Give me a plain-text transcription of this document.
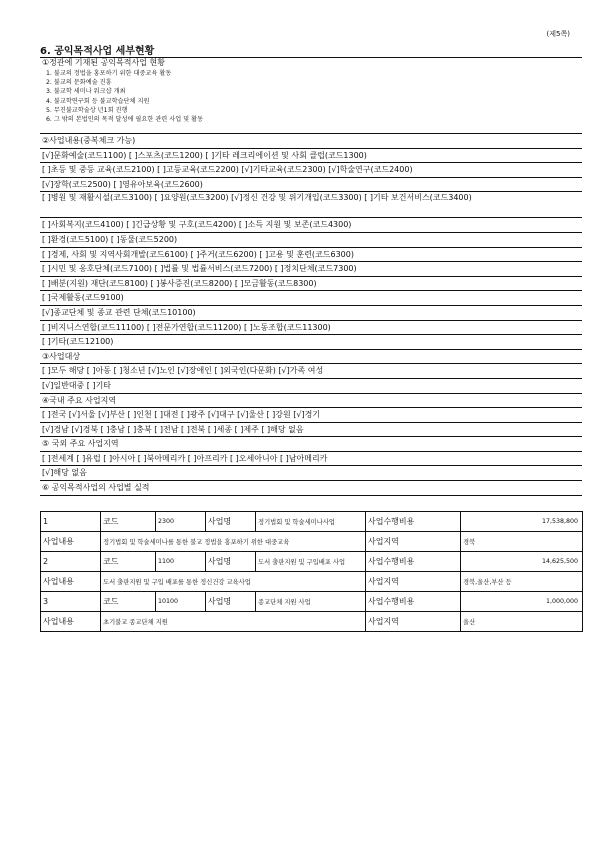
(제5쪽)
6. 공익목적사업 세부현황
①정관에 기재된 공익목적사업 현황
1. 불교의 정법을 홍포하기 위한 대중교육 활동
2. 불교의 문화예술 진흥
3. 불교학 세미나 워크샵 개최
4. 불교학연구회 등 불교학습단체 지원
5. 무진불교학술상 년1회 진행
6. 그 밖의 본법인의 목적 달성에 필요한 관련 사업 및 활동
②사업내용(중복체크 가능)
[√]문화예술(코드1100) [ ]스포츠(코드1200) [ ]기타 레크리에이션 및 사회 클럽(코드1300)
[ ]초등 및 중등 교육(코드2100) [ ]고등교육(코드2200) [√]기타교육(코드2300) [√]학술연구(코드2400)
[√]장학(코드2500) [ ]영유아보육(코드2600)
[ ]병원 및 재활시설(코드3100) [ ]요양원(코드3200) [√]정신 건강 및 위기개입(코드3300) [ ]기타 보건서비스(코드3400)
[ ]사회복지(코드4100) [ ]긴급상황 및 구호(코드4200) [ ]소득 지원 및 보존(코드4300)
[ ]환경(코드5100) [ ]동물(코드5200)
[ ]경제, 사회 및 지역사회개발(코드6100) [ ]주거(코드6200) [ ]고용 및 훈련(코드6300)
[ ]시민 및 옹호단체(코드7100) [ ]법률 및 법률서비스(코드7200) [ ]정치단체(코드7300)
[ ]배분(지원) 재단(코드8100) [ ]봉사증진(코드8200) [ ]모금활동(코드8300)
[ ]국제활동(코드9100)
[√]종교단체 및 종교 관련 단체(코드10100)
[ ]비지니스연합(코드11100) [ ]전문가연합(코드11200) [ ]노동조합(코드11300)
[ ]기타(코드12100)
③사업대상
[ ]모두 해당 [ ]아동 [ ]청소년 [√]노인 [√]장애인 [ ]외국인(다문화) [√]가족 여성
[√]일반대중 [ ]기타
④국내 주요 사업지역
[ ]전국 [√]서울 [√]부산 [ ]인천 [ ]대전 [ ]광주 [√]대구 [√]울산 [ ]강원 [√]경기
[√]경남 [√]경북 [ ]충남 [ ]충북 [ ]전남 [ ]전북 [ ]세종 [ ]제주 [ ]해당 없음
⑤ 국외 주요 사업지역
[ ]전세계 [ ]유럽 [ ]아시아 [ ]북아메리카 [ ]아프리카 [ ]오세아니아 [ ]남아메리카
[√]해당 없음
⑥ 공익목적사업의 사업별 실적
1	코드	2300	사업명	정기법회 및 학술세미나사업	사업수행비용	17,538,800
사업내용	정기법회 및 학술세미나를 통한 불교 정법을 홍포하기 위한 대중교육				사업지역	경북
2	코드	1100	사업명	도서 출판지원 및 구입배포 사업	사업수행비용	14,625,500
사업내용	도서 출판지원 및 구입 배포를 통한 정신건강 교육사업				사업지역	경북,울산,부산 등
3	코드	10100	사업명	종교단체 지원 사업	사업수행비용	1,000,000
사업내용	초기불교 종교단체 지원				사업지역	울산
